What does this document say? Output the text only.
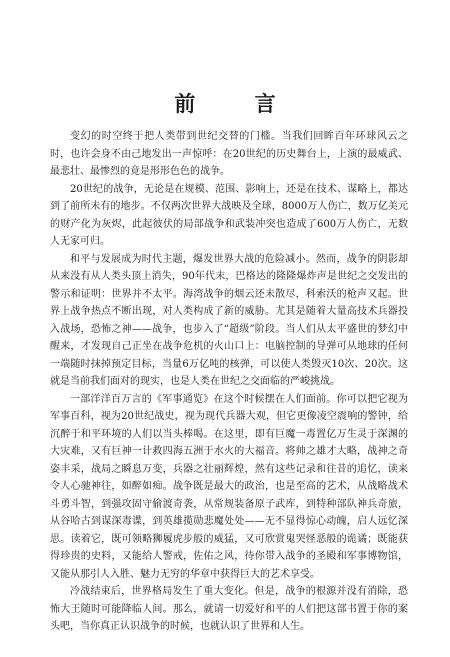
前 言

变幻的时空终于把人类带到世纪交替的门槛。当我们回眸百年环球风云之时，也许会身不由己地发出一声惊呼：在20世纪的历史舞台上，上演的最威武、最悲壮、最惨烈的竟是形形色色的战争。

20世纪的战争，无论是在规模、范围、影响上，还是在技术、谋略上，都达到了前所未有的地步。不仅两次世界大战映及全球，8000万人伤亡，数万亿美元的财产化为灰烬，此起彼伏的局部战争和武装冲突也造成了600万人伤亡，无数人无家可归。

和平与发展成为时代主题，爆发世界大战的危险减小。然而，战争的阴影却从来没有从人类头顶上消失，90年代末，巴格达的隆隆爆炸声是世纪之交发出的警示和证明：世界并不太平。海湾战争的烟云还未散尽，科索沃的枪声又起。世界上战争热点不断出现，对人类构成了新的威胁。尤其是随着大量高技术兵器投入战场，恐怖之神——战争，也步入了“超级”阶段。当人们从太平盛世的梦幻中醒来，才发现自己正坐在战争危机的火山口上：电脑控制的导弹可从地球的任何一端随时抹掉预定目标，当量6万亿吨的核弹，可以使人类毁灭10次、20次。这就是当前我们面对的现实，也是人类在世纪之交面临的严峻挑战。

一部洋洋百万言的《军事通览》在这个时候摆在人们面前。你可以把它视为军事百科，视为20世纪战史，视为现代兵器大观，但它更像凌空震响的警钟，给沉醉于和平环境的人们以当头棒喝。在这里，即有巨魔一毒置亿万生灵于深渊的大灾难，又有巨神一计救四海五洲于水火的大福音。将帅之雄才大略，战神之奇姿丰采，战局之瞬息万变，兵器之壮丽辉煌，然有这些记录和往昔的追忆，读来令人心驰神往，如醉如痴。战争既是最大的政治，也是至高的艺术，从战略战术斗勇斗智，到强攻固守偷渡奇袭，从常规装备原子武库，到特种部队神兵奇旅，从谷哈古到谋深毒谍，到英雄揽勋悲魔处处——无不显得惊心动魄，启人远忆深思。读着它，既可领略狮履虎步般的威猛，又可欣赏鬼哭怪恶般的诡谲；既能获得珍贵的史料，又能给人警戒，佐佑之风，待你带入战争的圣殿和军事博物馆，又能从那引人入胜、魅力无穷的华章中获得巨大的艺术享受。

冷战结束后，世界格局发生了重大变化。但是，战争的根源并没有消除，恐怖大王随时可能降临人间。那么，就请一切爱好和平的人们把这部书置于你的案头吧，当你真正认识战争的时候，也就认识了世界和人生。
